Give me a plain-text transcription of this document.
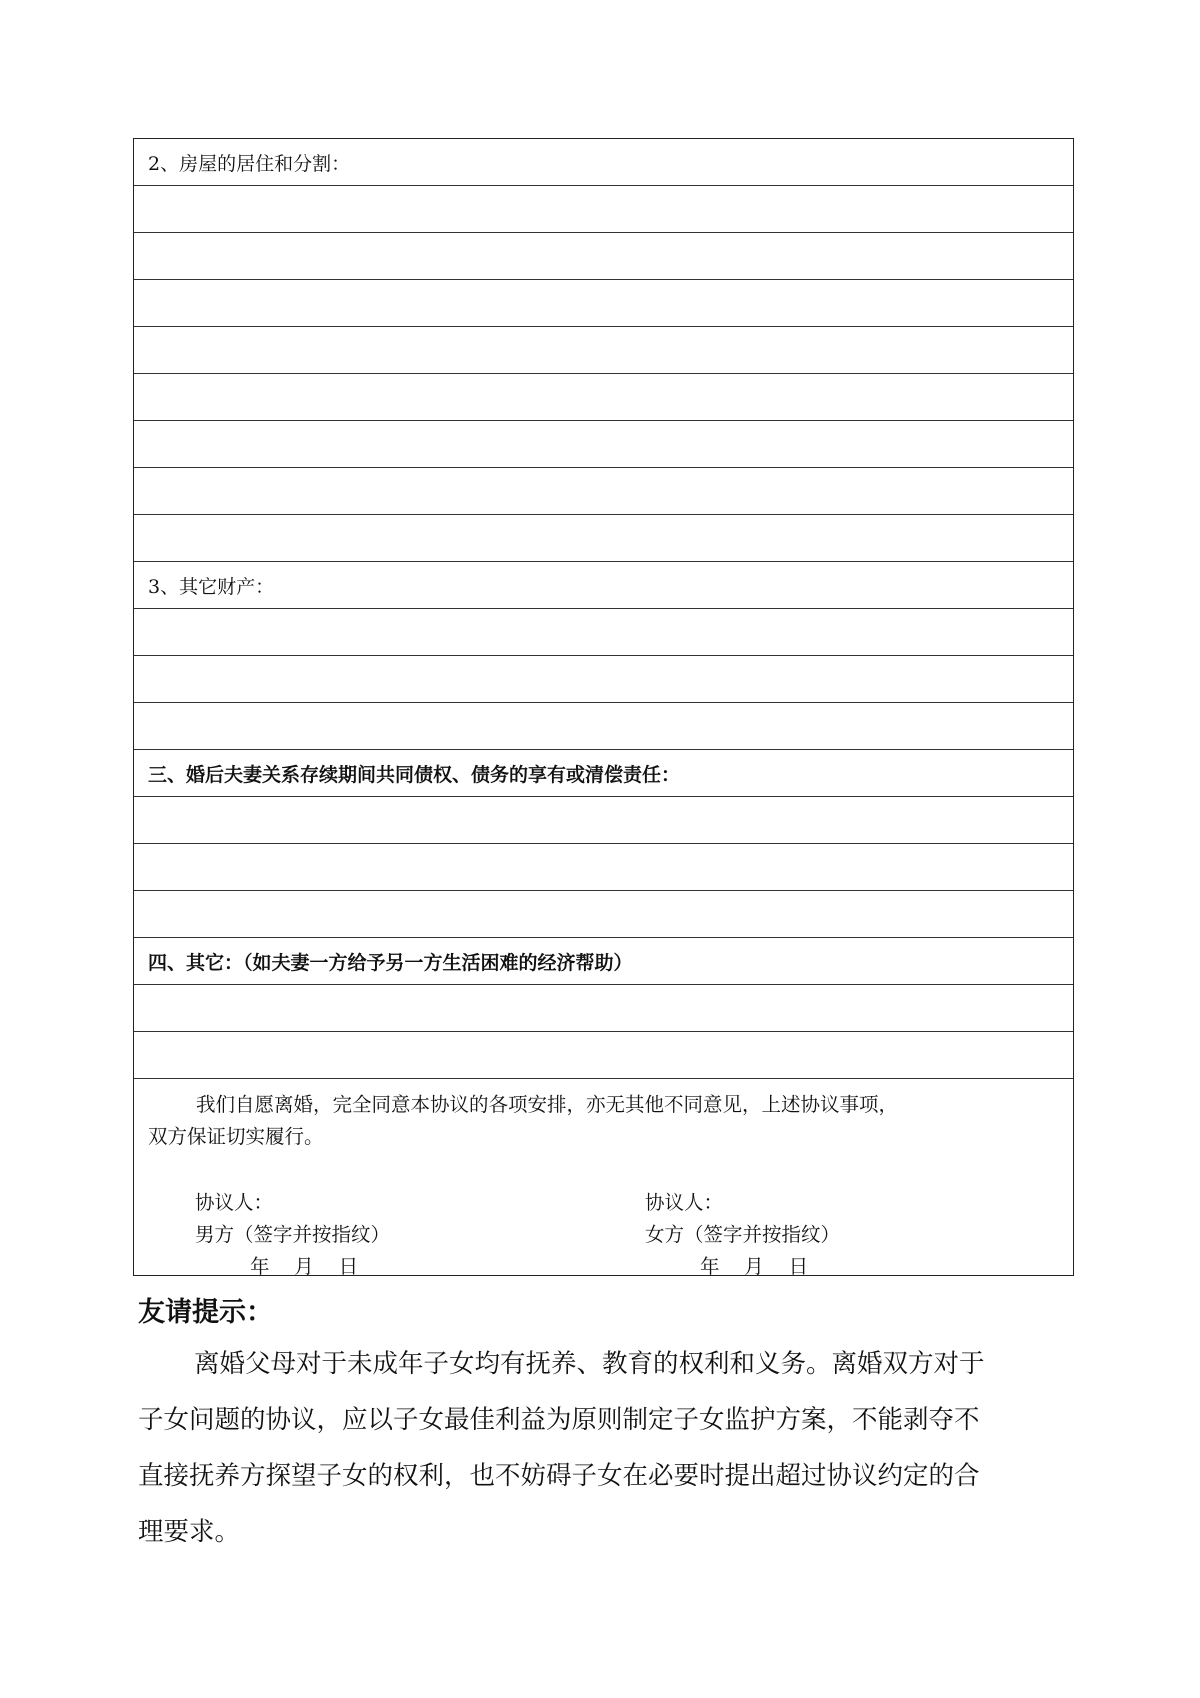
2、房屋的居住和分割：
3、其它财产：
三、婚后夫妻关系存续期间共同债权、债务的享有或清偿责任：
四、其它：（如夫妻一方给予另一方生活困难的经济帮助）
我们自愿离婚，完全同意本协议的各项安排，亦无其他不同意见，上述协议事项，
双方保证切实履行。
协议人：
男方（签字并按指纹）
年    月    日
协议人：
女方（签字并按指纹）
年    月    日
友请提示：
离婚父母对于未成年子女均有抚养、教育的权利和义务。离婚双方对于
子女问题的协议，应以子女最佳利益为原则制定子女监护方案，不能剥夺不
直接抚养方探望子女的权利，也不妨碍子女在必要时提出超过协议约定的合
理要求。
